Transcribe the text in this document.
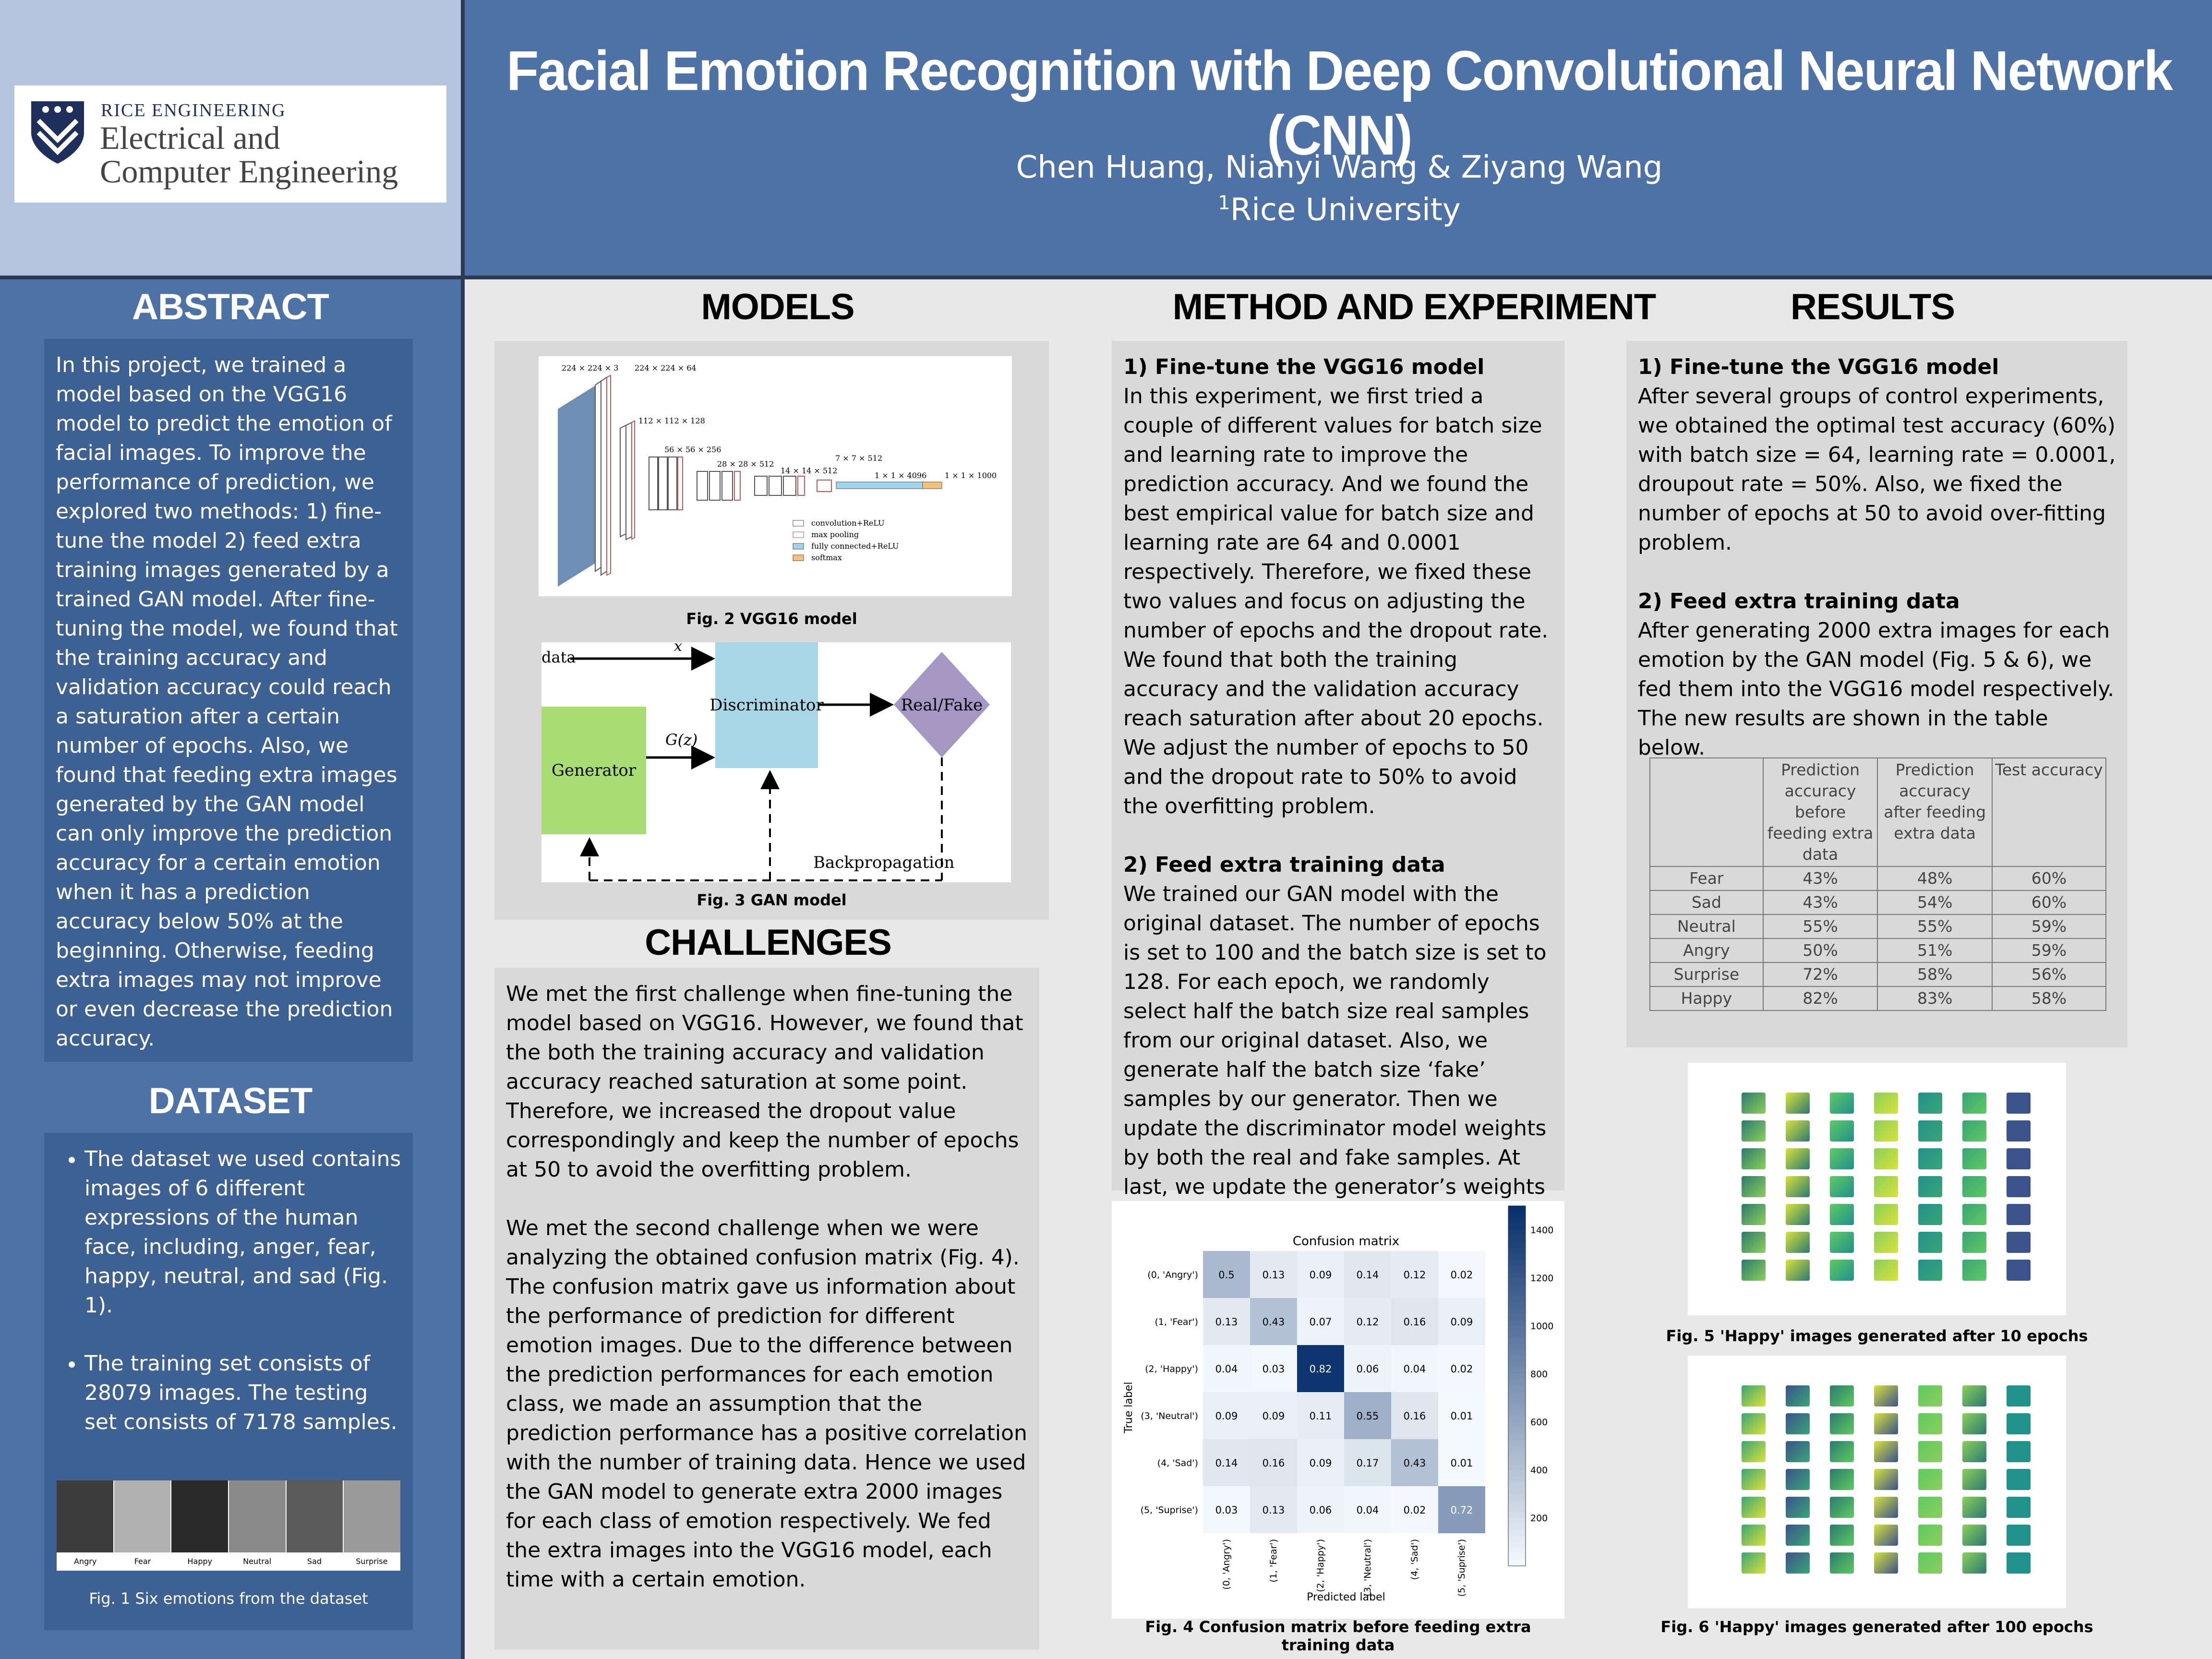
RICE ENGINEERING
Electrical and
Computer Engineering
Facial Emotion Recognition with Deep Convolutional Neural Network (CNN)
Chen Huang, Nianyi Wang & Ziyang Wang
$^1$Rice University
ABSTRACT
In this project, we trained a model based on the VGG16 model to predict the emotion of facial images. To improve the performance of prediction, we explored two methods: 1) fine-tune the model 2) feed extra training images generated by a trained GAN model. After fine-tuning the model, we found that the training accuracy and validation accuracy could reach a saturation after a certain number of epochs. Also, we found that feeding extra images generated by the GAN model can only improve the prediction accuracy for a certain emotion when it has a prediction accuracy below 50% at the beginning. Otherwise, feeding extra images may not improve or even decrease the prediction accuracy.
DATASET
• The dataset we used contains images of 6 different expressions of the human face, including, anger, fear, happy, neutral, and sad (Fig. 1).
• The training set consists of 28079 images. The testing set consists of 7178 samples.
Angry	Fear	Happy	Neutral	Sad	Surprise
Fig. 1 Six emotions from the dataset
MODELS
224 × 224 × 3 224 × 224 × 64
112 × 112 × 128
56 × 56 × 256
28 × 28 × 512
14 × 14 × 512
7 × 7 × 512
1 × 1 × 4096 1 × 1 × 1000
convolution+ReLU
max pooling
fully connected+ReLU
softmax
Fig. 2 VGG16 model
data
x
Discriminator	Real/Fake
Generator
G(z)
Backpropagation
Fig. 3 GAN model
CHALLENGES

We met the first challenge when fine-tuning the model based on VGG16. However, we found that the both the training accuracy and validation accuracy reached saturation at some point. Therefore, we increased the dropout value correspondingly and keep the number of epochs at 50 to avoid the overfitting problem.

We met the second challenge when we were analyzing the obtained confusion matrix (Fig. 4). The confusion matrix gave us information about the performance of prediction for different emotion images. Due to the difference between the prediction performances for each emotion class, we made an assumption that the prediction performance has a positive correlation with the number of training data. Hence we used the GAN model to generate extra 2000 images for each class of emotion respectively. We fed the extra images into the VGG16 model, each time with a certain emotion.

METHOD AND EXPERIMENT
1) Fine-tune the VGG16 model
In this experiment, we first tried a couple of different values for batch size and learning rate to improve the prediction accuracy. And we found the best empirical value for batch size and learning rate are 64 and 0.0001 respectively. Therefore, we fixed these two values and focus on adjusting the number of epochs and the dropout rate. We found that both the training accuracy and the validation accuracy reach saturation after about 20 epochs. We adjust the number of epochs to 50 and the dropout rate to 50% to avoid the overfitting problem.
2) Feed extra training data
We trained our GAN model with the original dataset. The number of epochs is set to 100 and the batch size is set to 128. For each epoch, we randomly select half the batch size real samples from our original dataset. Also, we generate half the batch size ‘fake’ samples by our generator. Then we update the discriminator model weights by both the real and fake samples. At last, we update the generator’s weights
Confusion matrix
Predicted label
True label
0.5	0.13 0.09 0.14 0.12 0.02
0.13 0.43 0.07 0.12 0.16 0.09
0.04 0.03 0.82 0.06 0.04 0.02
0.09 0.09 0.11 0.55 0.16 0.01
0.14 0.16 0.09 0.17 0.43 0.01
0.03 0.13 0.06 0.04 0.02 0.72
(0, 'Angry')
(1, 'Fear')
(2, 'Happy')
(3, 'Neutral')
(4, 'Sad')
(5, 'Suprise')
(0, 'Angry')	(1, 'Fear')	(2, 'Happy')	(3, 'Neutral')	(4, 'Sad')	(5, 'Suprise')
1400
1200
1000
800
600
400
200
Fig. 4 Confusion matrix before feeding extra training data
RESULTS
1) Fine-tune the VGG16 model
After several groups of control experiments, we obtained the optimal test accuracy (60%) with batch size = 64, learning rate = 0.0001, droupout rate = 50%. Also, we fixed the number of epochs at 50 to avoid over-fitting problem.
2) Feed extra training data
After generating 2000 extra images for each emotion by the GAN model (Fig. 5 & 6), we fed them into the VGG16 model respectively. The new results are shown in the table below.
	Prediction accuracy before feeding extra data	Prediction accuracy after feeding extra data	Test accuracy
Fear	43%	48%	60%
Sad	43%	54%	60%
Neutral	55%	55%	59%
Angry	50%	51%	59%
Surprise	72%	58%	56%
Happy	82%	83%	58%
Fig. 5 'Happy' images generated after 10 epochs
Fig. 6 'Happy' images generated after 100 epochs
